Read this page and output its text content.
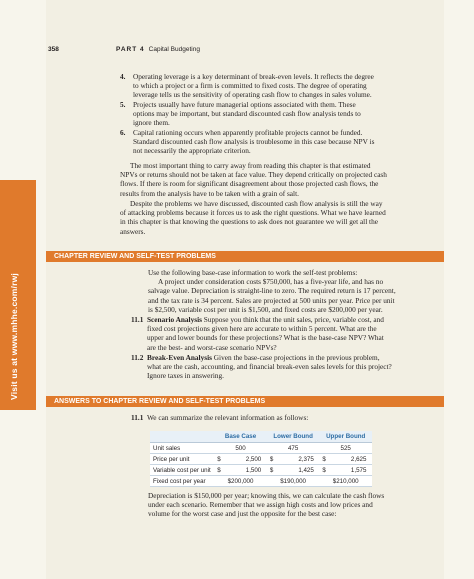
Visit us at www.mhhe.com/rwj
358	PART 4 Capital Budgeting
4. Operating leverage is a key determinant of break-even levels. It reflects the degree
to which a project or a firm is committed to fixed costs. The degree of operating
leverage tells us the sensitivity of operating cash flow to changes in sales volume.
5. Projects usually have future managerial options associated with them. These
options may be important, but standard discounted cash flow analysis tends to
ignore them.
6. Capital rationing occurs when apparently profitable projects cannot be funded.
Standard discounted cash flow analysis is troublesome in this case because NPV is
not necessarily the appropriate criterion.
The most important thing to carry away from reading this chapter is that estimated
NPVs or returns should not be taken at face value. They depend critically on projected cash
flows. If there is room for significant disagreement about those projected cash flows, the
results from the analysis have to be taken with a grain of salt.
Despite the problems we have discussed, discounted cash flow analysis is still the way
of attacking problems because it forces us to ask the right questions. What we have learned
in this chapter is that knowing the questions to ask does not guarantee we will get all the
answers.
CHAPTER REVIEW AND SELF-TEST PROBLEMS
Use the following base-case information to work the self-test problems:
A project under consideration costs $750,000, has a five-year life, and has no
salvage value. Depreciation is straight-line to zero. The required return is 17 percent,
and the tax rate is 34 percent. Sales are projected at 500 units per year. Price per unit
is $2,500, variable cost per unit is $1,500, and fixed costs are $200,000 per year.
11.1 Scenario Analysis Suppose you think that the unit sales, price, variable cost, and
fixed cost projections given here are accurate to within 5 percent. What are the
upper and lower bounds for these projections? What is the base-case NPV? What
are the best- and worst-case scenario NPVs?
11.2 Break-Even Analysis Given the base-case projections in the previous problem,
what are the cash, accounting, and financial break-even sales levels for this project?
Ignore taxes in answering.
ANSWERS TO CHAPTER REVIEW AND SELF-TEST PROBLEMS
11.1 We can summarize the relevant information as follows:
	Base Case	Lower Bound	Upper Bound
Unit sales	500	475	525
Price per unit	$ 2,500	$ 2,375	$ 2,625
Variable cost per unit	$ 1,500	$ 1,425	$ 1,575
Fixed cost per year	$200,000	$190,000	$210,000
Depreciation is $150,000 per year; knowing this, we can calculate the cash flows
under each scenario. Remember that we assign high costs and low prices and
volume for the worst case and just the opposite for the best case:
